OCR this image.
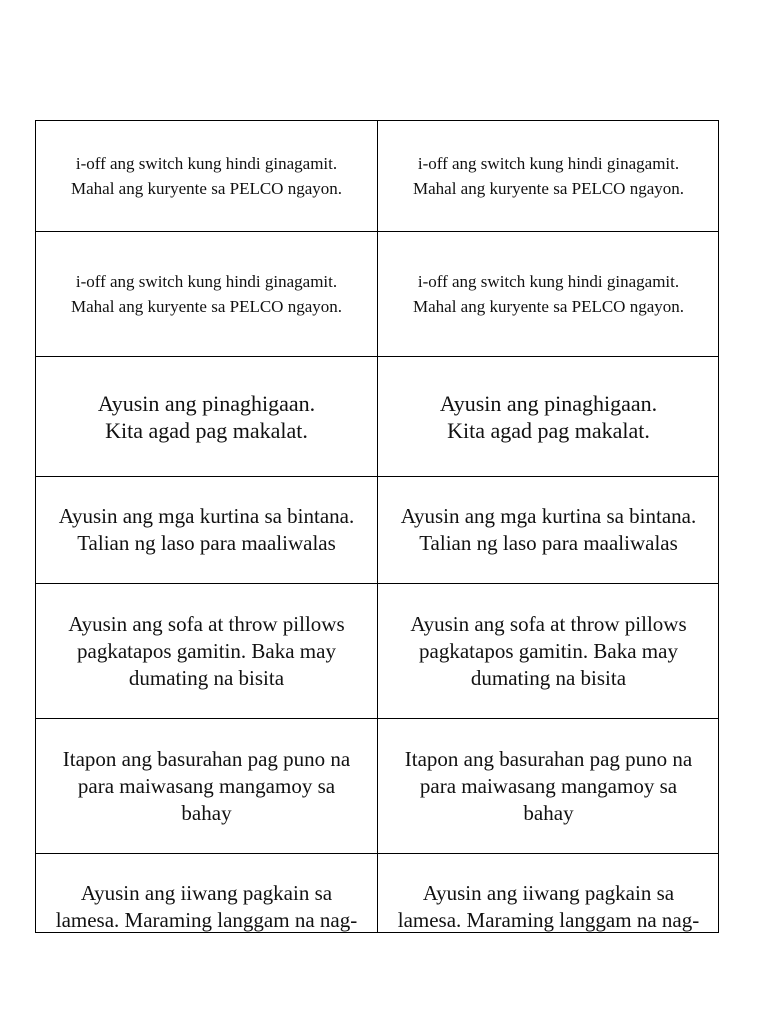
i-off ang switch kung hindi ginagamit.
Mahal ang kuryente sa PELCO ngayon.
i-off ang switch kung hindi ginagamit.
Mahal ang kuryente sa PELCO ngayon.
i-off ang switch kung hindi ginagamit.
Mahal ang kuryente sa PELCO ngayon.
i-off ang switch kung hindi ginagamit.
Mahal ang kuryente sa PELCO ngayon.
Ayusin ang pinaghigaan.
Kita agad pag makalat.
Ayusin ang pinaghigaan.
Kita agad pag makalat.
Ayusin ang mga kurtina sa bintana.
Talian ng laso para maaliwalas
Ayusin ang mga kurtina sa bintana.
Talian ng laso para maaliwalas
Ayusin ang sofa at throw pillows
pagkatapos gamitin. Baka may
dumating na bisita
Ayusin ang sofa at throw pillows
pagkatapos gamitin. Baka may
dumating na bisita
Itapon ang basurahan pag puno na
para maiwasang mangamoy sa
bahay
Itapon ang basurahan pag puno na
para maiwasang mangamoy sa
bahay
Ayusin ang iiwang pagkain sa
lamesa. Maraming langgam na nag-
Ayusin ang iiwang pagkain sa
lamesa. Maraming langgam na nag-
